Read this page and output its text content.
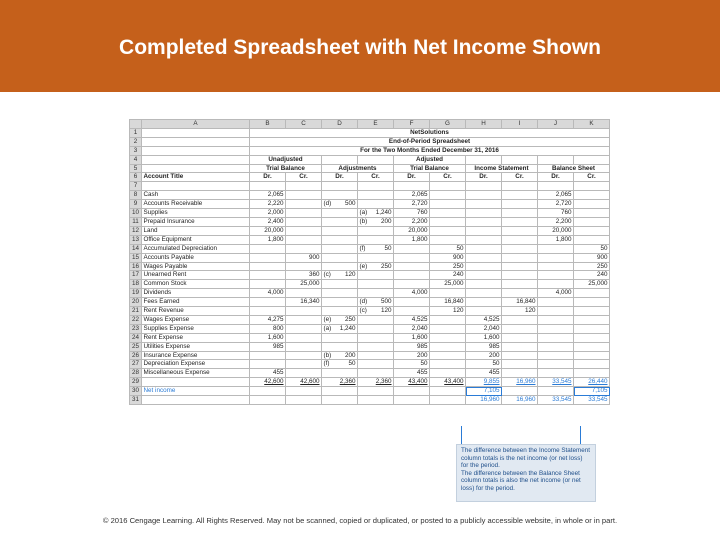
Completed Spreadsheet with Net Income Shown
	A	B	C	D	E	F	G	H	I	J	K
1		NetSolutions									
2		End-of-Period Spreadsheet									
3		For the Two Months Ended December 31, 2016									
4		Unadjusted				Adjusted					
5		Trial Balance		Adjustments		Trial Balance		Income Statement		Balance Sheet	
6	Account Title	Dr.	Cr.	Dr.	Cr.	Dr.	Cr.	Dr.	Cr.	Dr.	Cr.
7											
8	Cash	2,065				2,065				2,065	
9	Accounts Receivable	2,220		(d) 500		2,720				2,720	
10	Supplies	2,000			(a) 1,240	760				760	
11	Prepaid Insurance	2,400			(b) 200	2,200				2,200	
12	Land	20,000				20,000				20,000	
13	Office Equipment	1,800				1,800				1,800	
14	Accumulated Depreciation				(f) 50		50				50
15	Accounts Payable		900				900				900
16	Wages Payable				(e) 250		250				250
17	Unearned Rent		360	(c) 120			240				240
18	Common Stock		25,000				25,000				25,000
19	Dividends	4,000				4,000				4,000	
20	Fees Earned		16,340		(d) 500		16,840		16,840		
21	Rent Revenue				(c) 120		120		120		
22	Wages Expense	4,275		(e) 250		4,525		4,525			
23	Supplies Expense	800		(a) 1,240		2,040		2,040			
24	Rent Expense	1,600				1,600		1,600			
25	Utilities Expense	985				985		985			
26	Insurance Expense			(b) 200		200		200			
27	Depreciation Expense			(f) 50		50		50			
28	Miscellaneous Expense	455				455		455			
29		42,600	42,600	2,360	2,360	43,400	43,400	9,855	16,960	33,545	26,440
30	Net income							7,105			7,105
31								16,960	16,960	33,545	33,545

The difference between the Income Statement column totals is the net income (or net loss) for the period.

The difference between the Balance Sheet column totals is also the net income (or net loss) for the period.

© 2016 Cengage Learning. All Rights Reserved. May not be scanned, copied or duplicated, or posted to a publicly accessible website, in whole or in part.
